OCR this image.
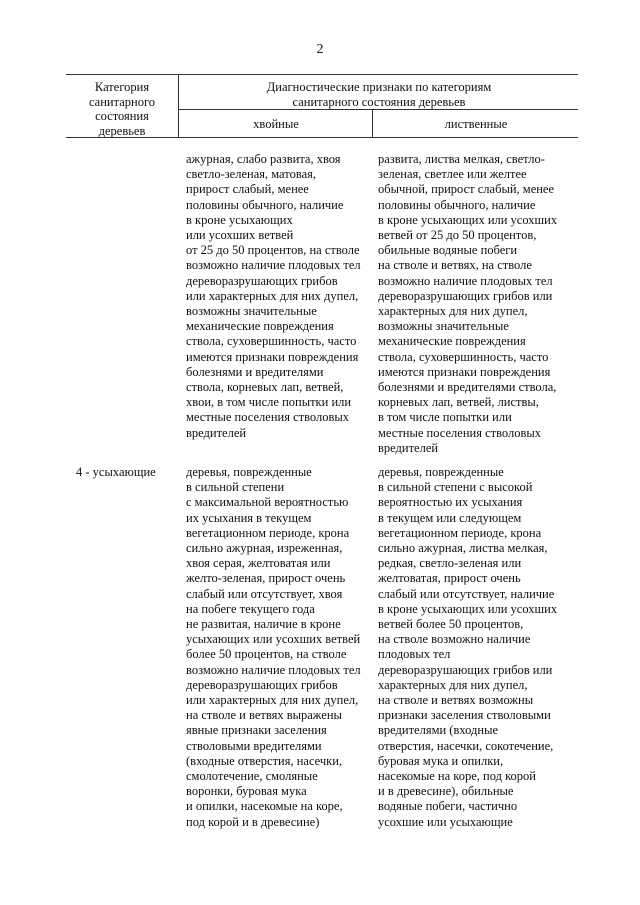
2
Категория
санитарного
состояния
деревьев
Диагностические признаки по категориям
санитарного состояния деревьев
хвойные	лиственные
ажурная, слабо развита, хвоя
светло-зеленая, матовая,
прирост слабый, менее
половины обычного, наличие
в кроне усыхающих
или усохших ветвей
от 25 до 50 процентов, на стволе
возможно наличие плодовых тел
дереворазрушающих грибов
или характерных для них дупел,
возможны значительные
механические повреждения
ствола, суховершинность, часто
имеются признаки повреждения
болезнями и вредителями
ствола, корневых лап, ветвей,
хвои, в том числе попытки или
местные поселения стволовых
вредителей
развита, листва мелкая, светло-
зеленая, светлее или желтее
обычной, прирост слабый, менее
половины обычного, наличие
в кроне усыхающих или усохших
ветвей от 25 до 50 процентов,
обильные водяные побеги
на стволе и ветвях, на стволе
возможно наличие плодовых тел
дереворазрушающих грибов или
характерных для них дупел,
возможны значительные
механические повреждения
ствола, суховершинность, часто
имеются признаки повреждения
болезнями и вредителями ствола,
корневых лап, ветвей, листвы,
в том числе попытки или
местные поселения стволовых
вредителей
4 - усыхающие	деревья, поврежденные
в сильной степени
с максимальной вероятностью
их усыхания в текущем
вегетационном периоде, крона
сильно ажурная, изреженная,
хвоя серая, желтоватая или
желто-зеленая, прирост очень
слабый или отсутствует, хвоя
на побеге текущего года
не развитая, наличие в кроне
усыхающих или усохших ветвей
более 50 процентов, на стволе
возможно наличие плодовых тел
дереворазрушающих грибов
или характерных для них дупел,
на стволе и ветвях выражены
явные признаки заселения
стволовыми вредителями
(входные отверстия, насечки,
смолотечение, смоляные
воронки, буровая мука
и опилки, насекомые на коре,
под корой и в древесине)
деревья, поврежденные
в сильной степени с высокой
вероятностью их усыхания
в текущем или следующем
вегетационном периоде, крона
сильно ажурная, листва мелкая,
редкая, светло-зеленая или
желтоватая, прирост очень
слабый или отсутствует, наличие
в кроне усыхающих или усохших
ветвей более 50 процентов,
на стволе возможно наличие
плодовых тел
дереворазрушающих грибов или
характерных для них дупел,
на стволе и ветвях возможны
признаки заселения стволовыми
вредителями (входные
отверстия, насечки, сокотечение,
буровая мука и опилки,
насекомые на коре, под корой
и в древесине), обильные
водяные побеги, частично
усохшие или усыхающие
